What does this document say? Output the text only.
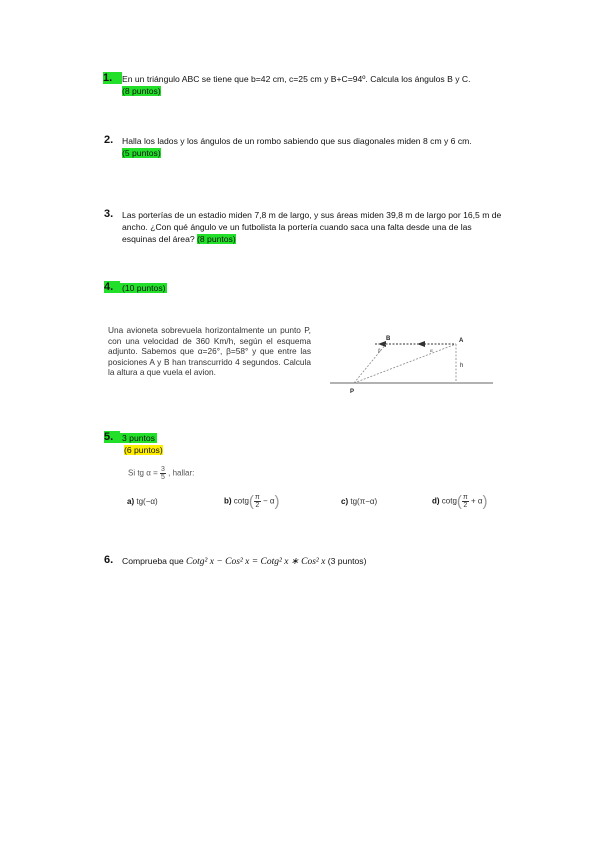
1.	En un triángulo ABC se tiene que b=42 cm, c=25 cm y B+C=94º. Calcula los ángulos B y C.
(8 puntos)
2. Halla los lados y los ángulos de un rombo sabiendo que sus diagonales miden 8 cm y 6 cm.
(5 puntos)
3. Las porterías de un estadio miden 7,8 m de largo, y sus áreas miden 39,8 m de largo por 16,5 m de ancho. ¿Con qué ángulo ve un futbolista la portería cuando saca una falta desde una de las esquinas del área? (8 puntos)
4.	(10 puntos)
Una avioneta sobrevuela horizontalmente un punto P, con una velocidad de 360 Km/h, según el esquema adjunto. Sabemos que α=26°, β=58° y que entre las posiciones A y B han transcurrido 4 segundos. Calcula la altura a que vuela el avion.
B	A
P
h
α
β
5.	3 puntos
(6 puntos)
Si tg $\alpha = \frac{3}{5}$ , hallar:
a) tg(−α)	b) $\cot g( \frac{\pi}{2} - \alpha)$	c) tg(π−α)	d) $\cot g( \frac{\pi}{2} + \alpha)$
6. Comprueba que Cotg² x − Cos² x = Cotg² x ∗ Cos² x (3 puntos)
